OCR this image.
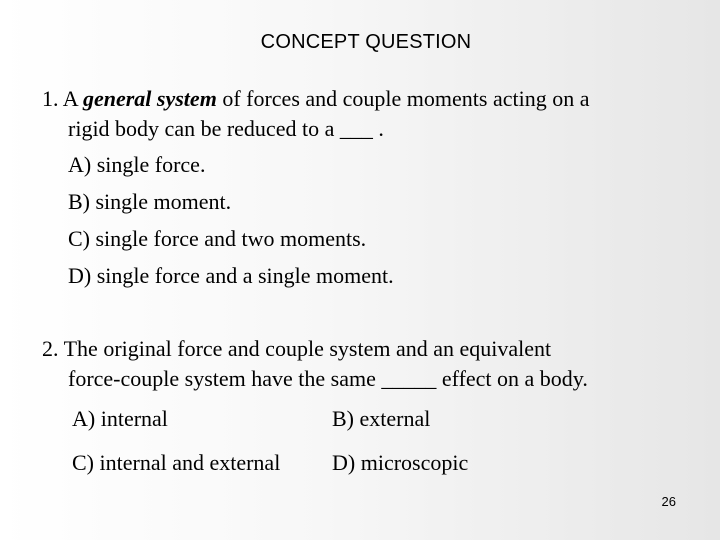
CONCEPT QUESTION
1. A general system of forces and couple moments acting on a
rigid body can be reduced to a ___ .
A) single force.
B) single moment.
C) single force and two moments.
D) single force and a single moment.
2. The original force and couple system and an equivalent
force-couple system have the same _____ effect on a body.
A) internal	B) external
C) internal and external	D) microscopic
26
